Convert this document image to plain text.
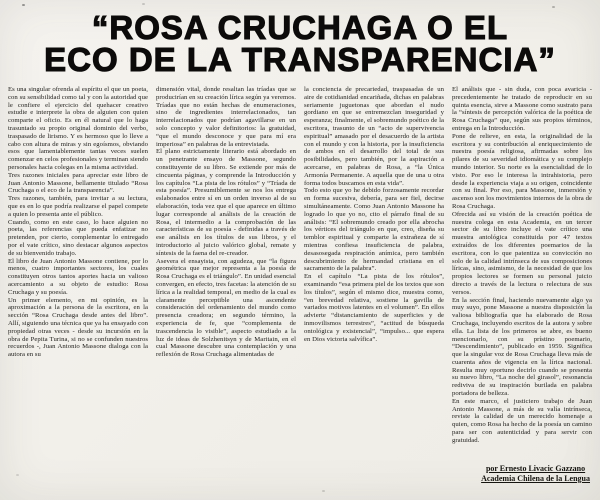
“ROSA CRUCHAGA O EL
ECO DE LA TRANSPARENCIA”

Es una singular ofrenda al espíritu el que un poeta, con su sensibilidad como tal y con la autoridad que le confiere el ejercicio del quehacer creativo estudie e interprete la obra de alguien con quien comparte el oficio. Es en él natural que lo haga trasuntado su propio original dominio del verbo, traspasado de lirismo. Y es hermoso que lo lleve a cabo con altura de miras y sin egoísmos, obviando esos que lamentablemente tantas veces suelen comenzar en celos profesionales y terminan siendo personales hacia colegas en la misma actividad.

Tres razones iniciales para apreciar este libro de Juan Antonio Massone, bellamente titulado “Rosa Cruchaga o el eco de la transparencia”.

Tres razones, también, para invitar a su lectura, que es en lo que podría realizarse el papel compete a quien lo presenta ante el público.

Cuando, como en este caso, lo hace alguien no poeta, las referencias que pueda enfatizar no pretenden, por cierto, complementar lo entregado por el vate crítico, sino destacar algunos aspectos de su bienvenido trabajo.

El libro de Juan Antonio Massone contiene, por lo menos, cuatro importantes sectores, los cuales constituyen otros tantos aportes hacia un valioso acercamiento a su objeto de estudio: Rosa Cruchaga y su poesía.

Un primer elemento, en mi opinión, es la aproximación a la persona de la escritora, en la sección “Rosa Cruchaga desde antes del libro”. Allí, siguiendo una técnica que ya ha ensayado con propiedad otras veces - desde su incursión en la obra de Pepita Turina, si no se confunden nuestros recuerdos -, Juan Antonio Massone dialoga con la autora en su

dimensión vital, donde resaltan las tríadas que se producirían en su creación lírica según ya veremos. Tríadas que no están hechas de enumeraciones, sino de ingredientes interrelacionados, tan interrelacionados que podrían agavillarse en un solo concepto y valor definitorios: la gratuidad, “que el mundo desconoce y que para mí era imperiosa” en palabras de la entrevistada.

El plano estrictamente literario está abordado en un penetrante ensayo de Massone, segundo constituyente de su libro. Se extiende por más de cincuenta páginas, y comprende la Introducción y los capítulos “La pista de los rótulos” y “Tríada de esta poesía”. Presumiblemente se nos los entrega eslabonados entre sí en un orden inverso al de su elaboración, toda vez que el que aparece en último lugar corresponde al análisis de la creación de Rosa, el intermedio a la comprobación de las características de su poesía - definidas a través de ese análisis en los títulos de sus libros, y el introductorio al juicio valórico global, remate y síntesis de la faena del re-creador.

Asevera el ensayista, con agudeza, que “la figura geométrica que mejor representa a la poesía de Rosa Cruchaga es el triángulo”. En unidad esencial convergen, en efecto, tres facetas: la atención de su lírica a la realidad temporal, en medio de la cual es claramente perceptible una ascendente consideración del ordenamiento del mundo como presencia creadora; en segundo término, la experiencia de fe, que “complementa de trascendencia lo visible”, aspecto estudiado a la luz de ideas de Solzhenitsyn y de Maritain, en el cual Massone descubre una contemplación y una reflexión de Rosa Cruchaga alimentadas de

la conciencia de precariedad, traspasadas de un aire de cotidianidad encariñada, dichas en palabras seriamente juguetonas que abordan el nudo gordiano en que se entremezclan inseguridad y esperanza; finalmente, el sobremundo poético de la escritora, trasunto de un “acto de supervivencia espiritual” amasado por el desacuerdo de la artista con el mundo y con la historia, por la insuficiencia de ambos en el desarrollo del total de sus posibilidades, pero también, por la aspiración a acercarse, en palabras de Rosa, a “la Única Armonía Permanente. A aquella que de una u otra forma todos buscamos en esta vida”.

Todo esto que yo he debido forzosamente recordar en forma sucesiva, debería, para ser fiel, decirse simultáneamente. Como Juan Antonio Massone ha logrado lo que yo no, cito el párrafo final de su análisis: “El sobremundo creado por ella abrocha los vértices del triángulo en que, creo, diseña su temblor espiritual y comparte la extrañeza de sí mientras confiesa insuficiencia de palabra, desasosegada respiración anímica, pero también descubrimiento de hermandad cristiana en el sacramento de la palabra”.

En el capítulo “La pista de los rótulos”, examinando “esa primera piel de los textos que son los títulos”, según el mismo dice, muestra como, “en brevedad relativa, sostiene la gavilla de variados motivos latentes en el volumen”. En ellos advierte “distanciamiento de superficies y de inmovilismos terrestres”, “actitud de búsqueda ontológica y existencial”, “impulso... que espera en Dios victoria salvífica”.

El análisis que - sin duda, con poca avaricia - precedentemente he tratado de reproducir en su quinta esencia, sirve a Massone como sustrato para la “síntesis de percepción valórica de la poética de Rosa Cruchaga” que, según sus propios términos, entrega en la Introducción.

Pone de relieve, en esta, la originalidad de la escritora y su contribución al enriquecimiento de nuestra poesía religiosa, afirmadas sobre los pilares de su severidad idiomática y su complejo mundo interior. Su norte es la esencialidad de lo visto. Por eso le interesa la intrahistoria, pero desde la experiencia viaja a su origen, coincidente con su final. Por eso, para Massone, inmersión y ascenso son los movimientos internos de la obra de Rosa Cruchaga.

Ofrecida así su visión de la creación poética de nuestra colega en esta Academia, en un tercer sector de su libro incluye el vate crítico una muestra antológica constituida por 47 textos extraídos de los diferentes poemarios de la escritora, con lo que patentiza su convicción no solo de la calidad intrínseca de sus composiciones líricas, sino, asimismo, de la necesidad de que los propios lectores se formen su personal juicio directo a través de la lectura o relectura de sus versos.

En la sección final, haciendo nuevamente algo ya muy suyo, pone Massone a nuestra disposición la valiosa bibliografía que ha elaborado de Rosa Cruchaga, incluyendo escritos de la autora y sobre ella. La lista de los primeros se abre, es bueno mencionarlo, con su prístino poemario, “Descendimiento”, publicado en 1959. Significa que la singular voz de Rosa Cruchaga lleva más de cuarenta años de vigencia en la lírica nacional. Resulta muy oportuno decirlo cuando se presenta su nuevo libro, “La noche del girasol”, resonancia rediviva de su inspiración burilada en palabra portadora de belleza.

En este marco, el justiciero trabajo de Juan Antonio Massone, a más de su valía intrínseca, reviste la calidad de un merecido homenaje a quien, como Rosa ha hecho de la poesía un camino para ser con autenticidad y para servir con gratuidad.

por Ernesto Livacic Gazzano
Academia Chilena de la Lengua
